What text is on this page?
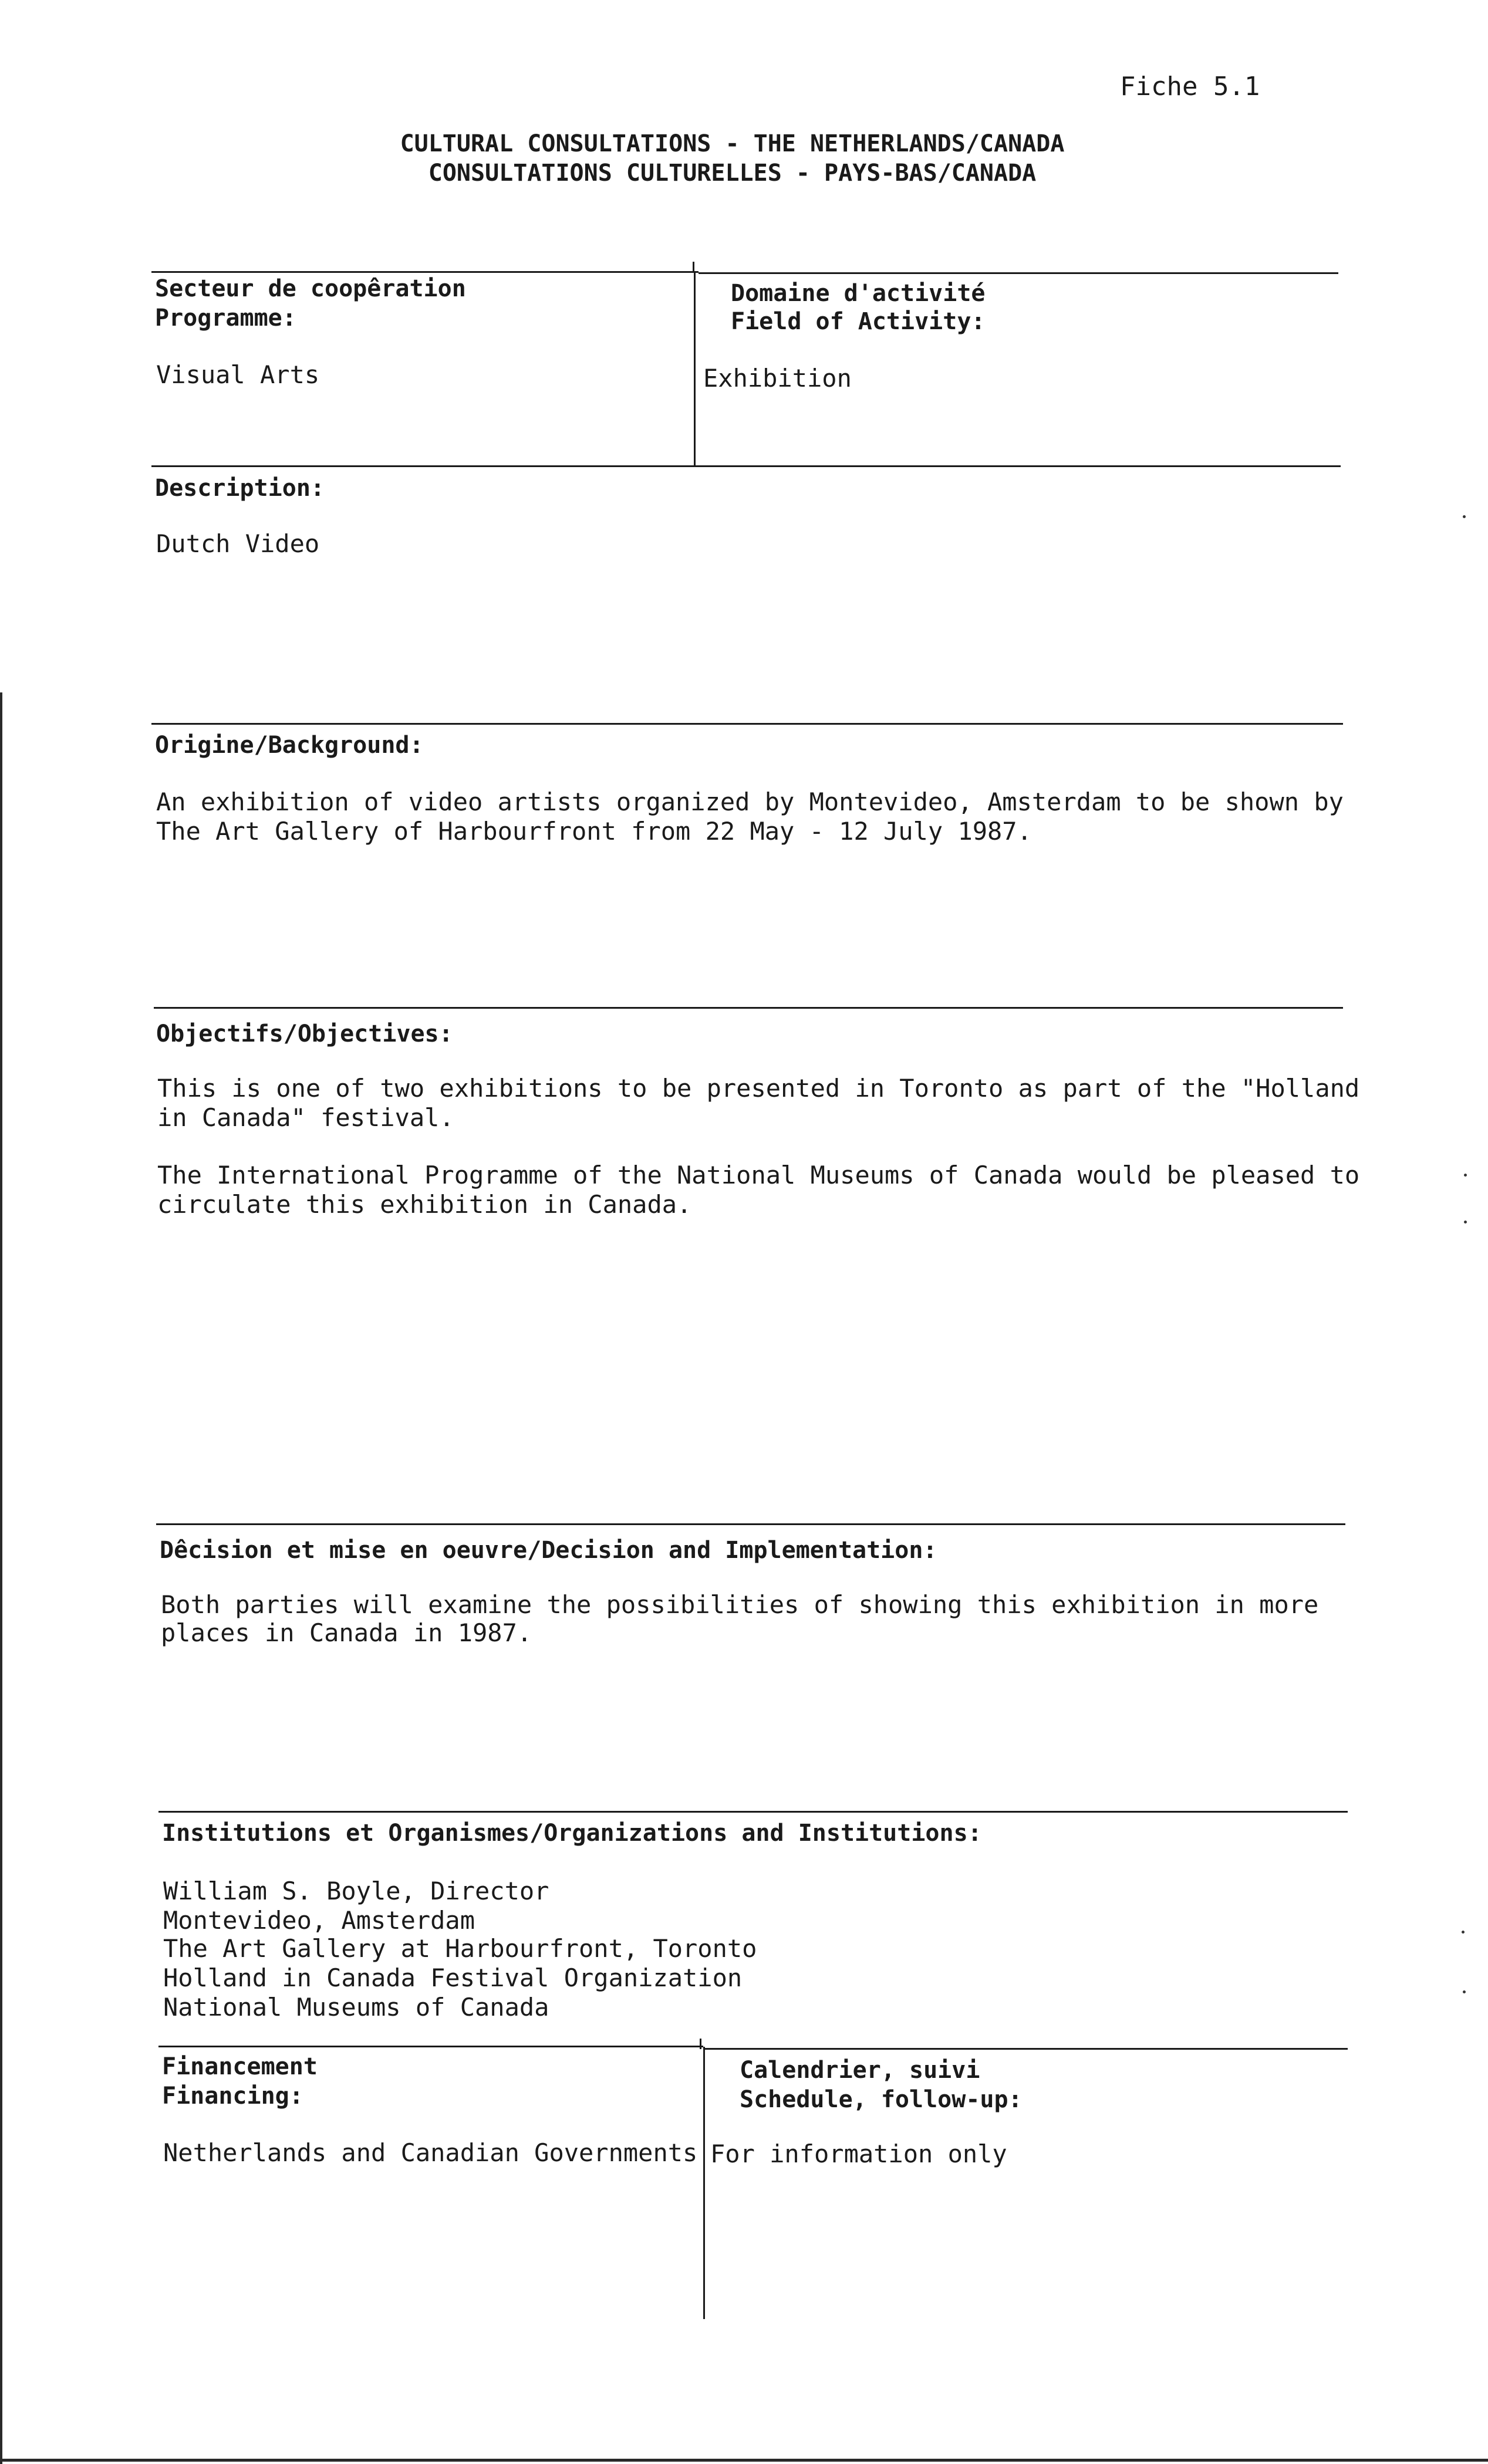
Fiche 5.1
CULTURAL CONSULTATIONS - THE NETHERLANDS/CANADA
CONSULTATIONS CULTURELLES - PAYS-BAS/CANADA
Secteur de coopêration
Programme:
Visual Arts
Domaine d'activité
Field of Activity:
Exhibition
Description:
Dutch Video
Origine/Background:
An exhibition of video artists organized by Montevideo, Amsterdam to be shown by
The Art Gallery of Harbourfront from 22 May - 12 July 1987.
Objectifs/Objectives:
This is one of two exhibitions to be presented in Toronto as part of the "Holland
in Canada" festival.
The International Programme of the National Museums of Canada would be pleased to
circulate this exhibition in Canada.
Dêcision et mise en oeuvre/Decision and Implementation:
Both parties will examine the possibilities of showing this exhibition in more
places in Canada in 1987.
Institutions et Organismes/Organizations and Institutions:
William S. Boyle, Director
Montevideo, Amsterdam
The Art Gallery at Harbourfront, Toronto
Holland in Canada Festival Organization
National Museums of Canada
Financement
Financing:
Netherlands and Canadian Governments
Calendrier, suivi
Schedule, follow-up:
For information only
